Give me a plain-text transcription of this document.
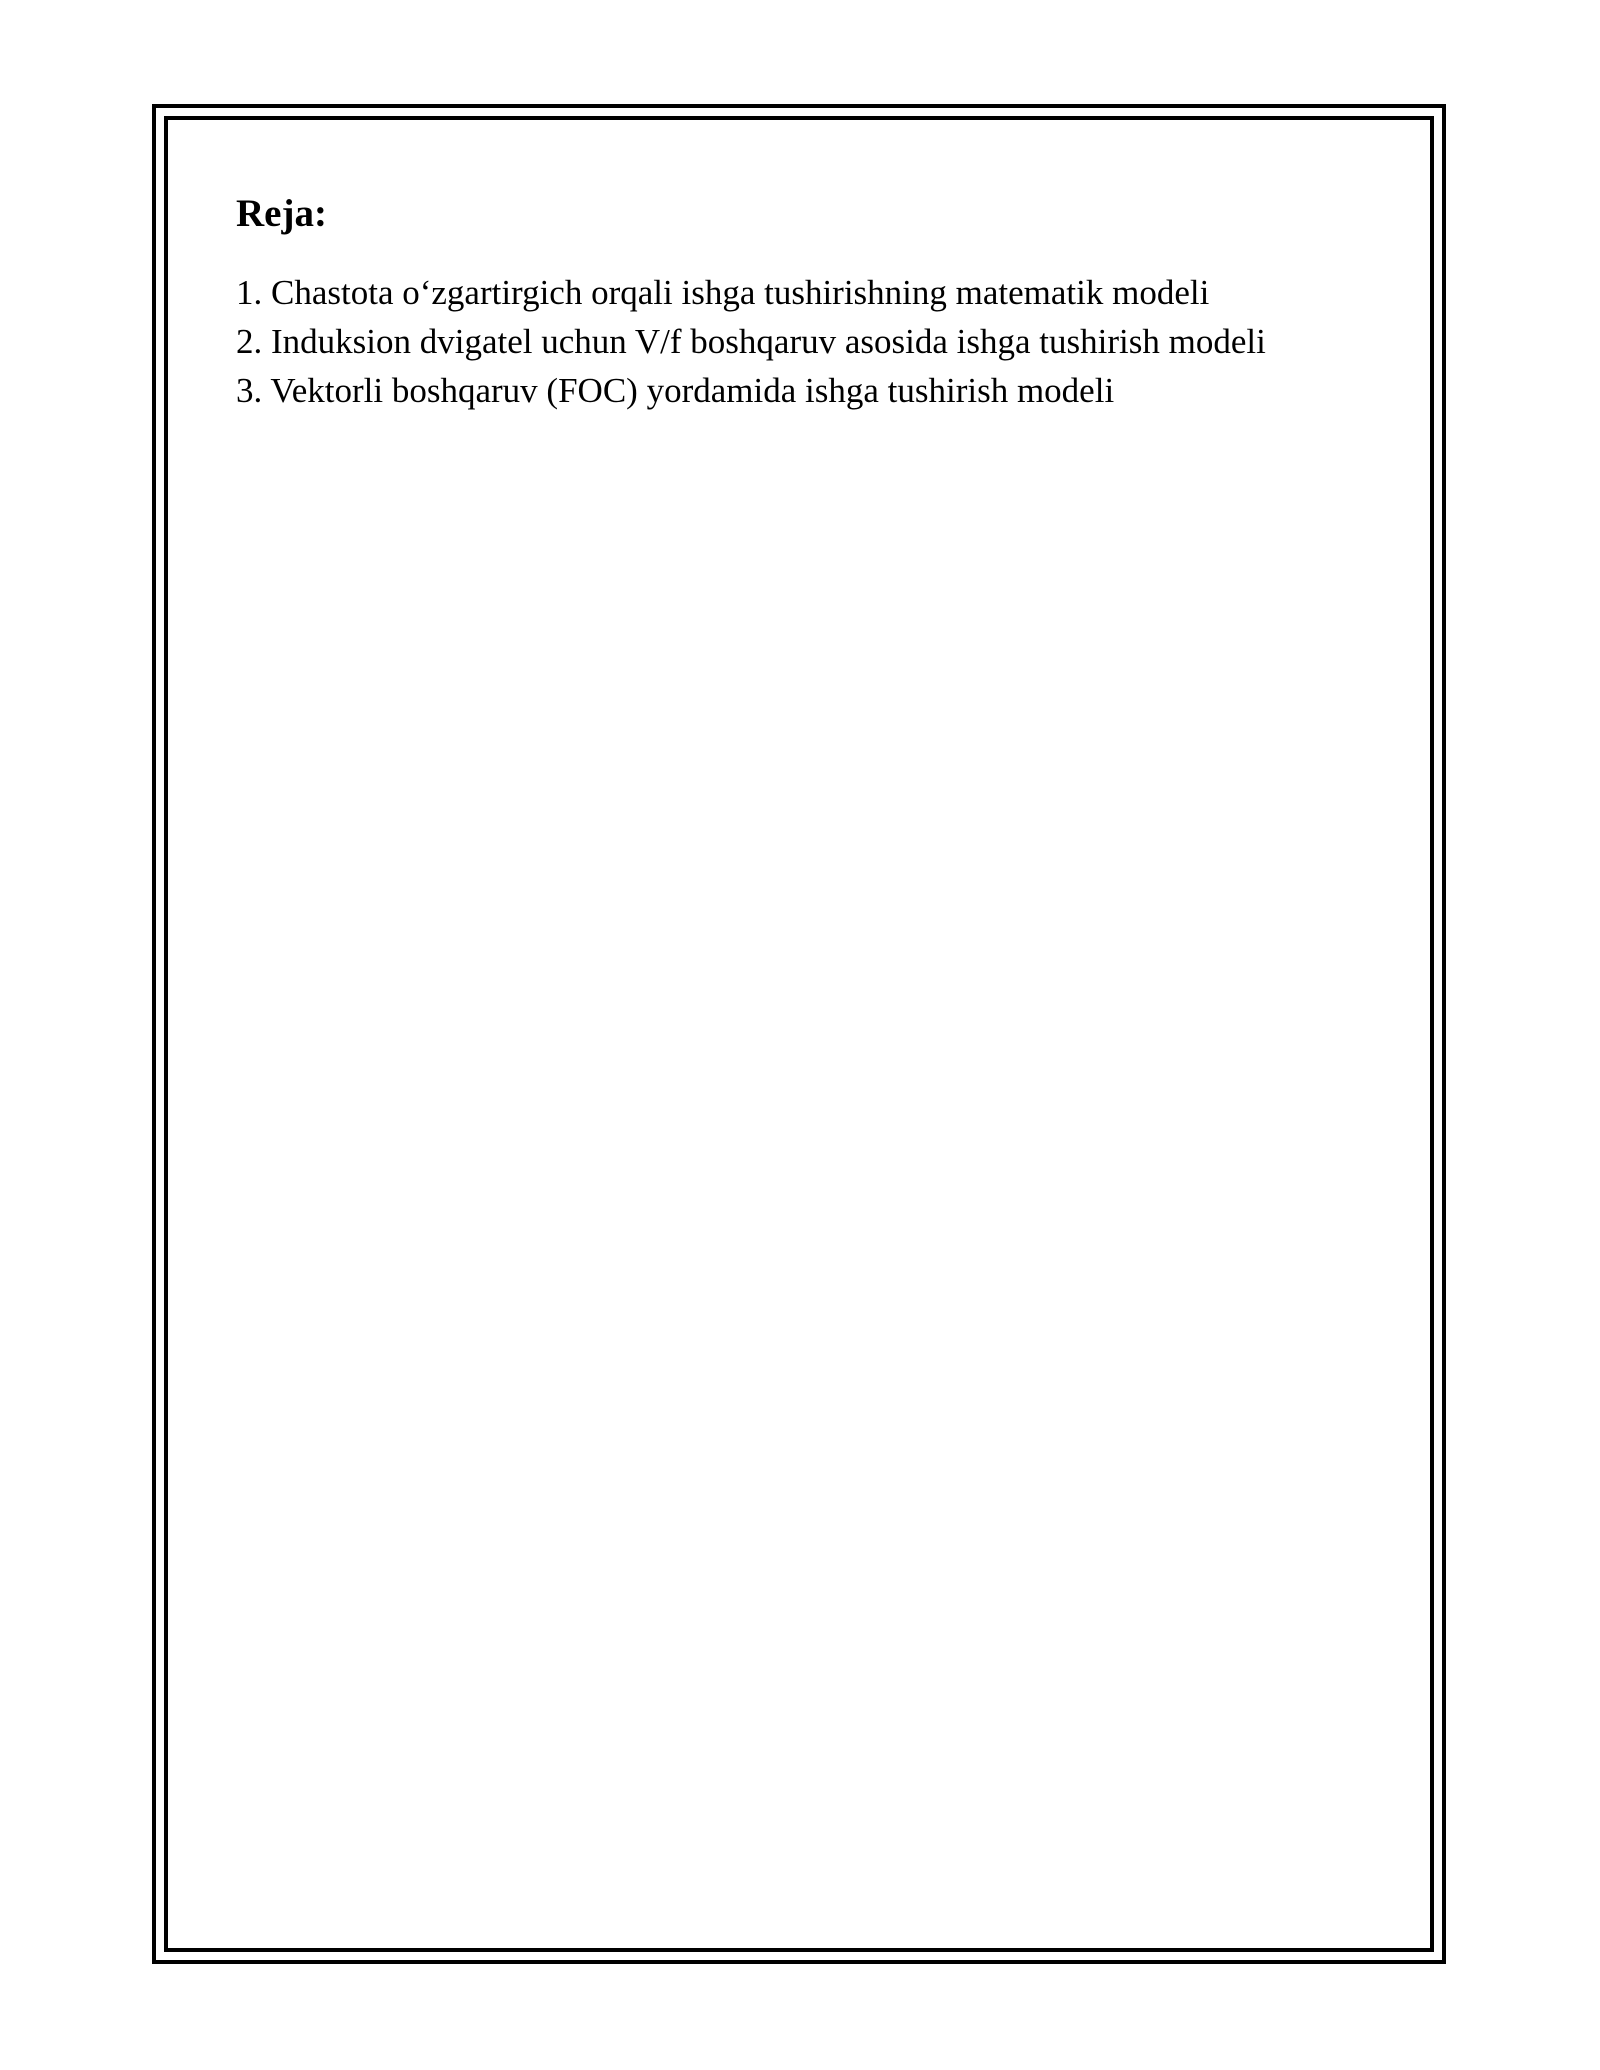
Reja:
1. Chastota o‘zgartirgich orqali ishga tushirishning matematik modeli
2. Induksion dvigatel uchun V/f boshqaruv asosida ishga tushirish modeli
3. Vektorli boshqaruv (FOC) yordamida ishga tushirish modeli
